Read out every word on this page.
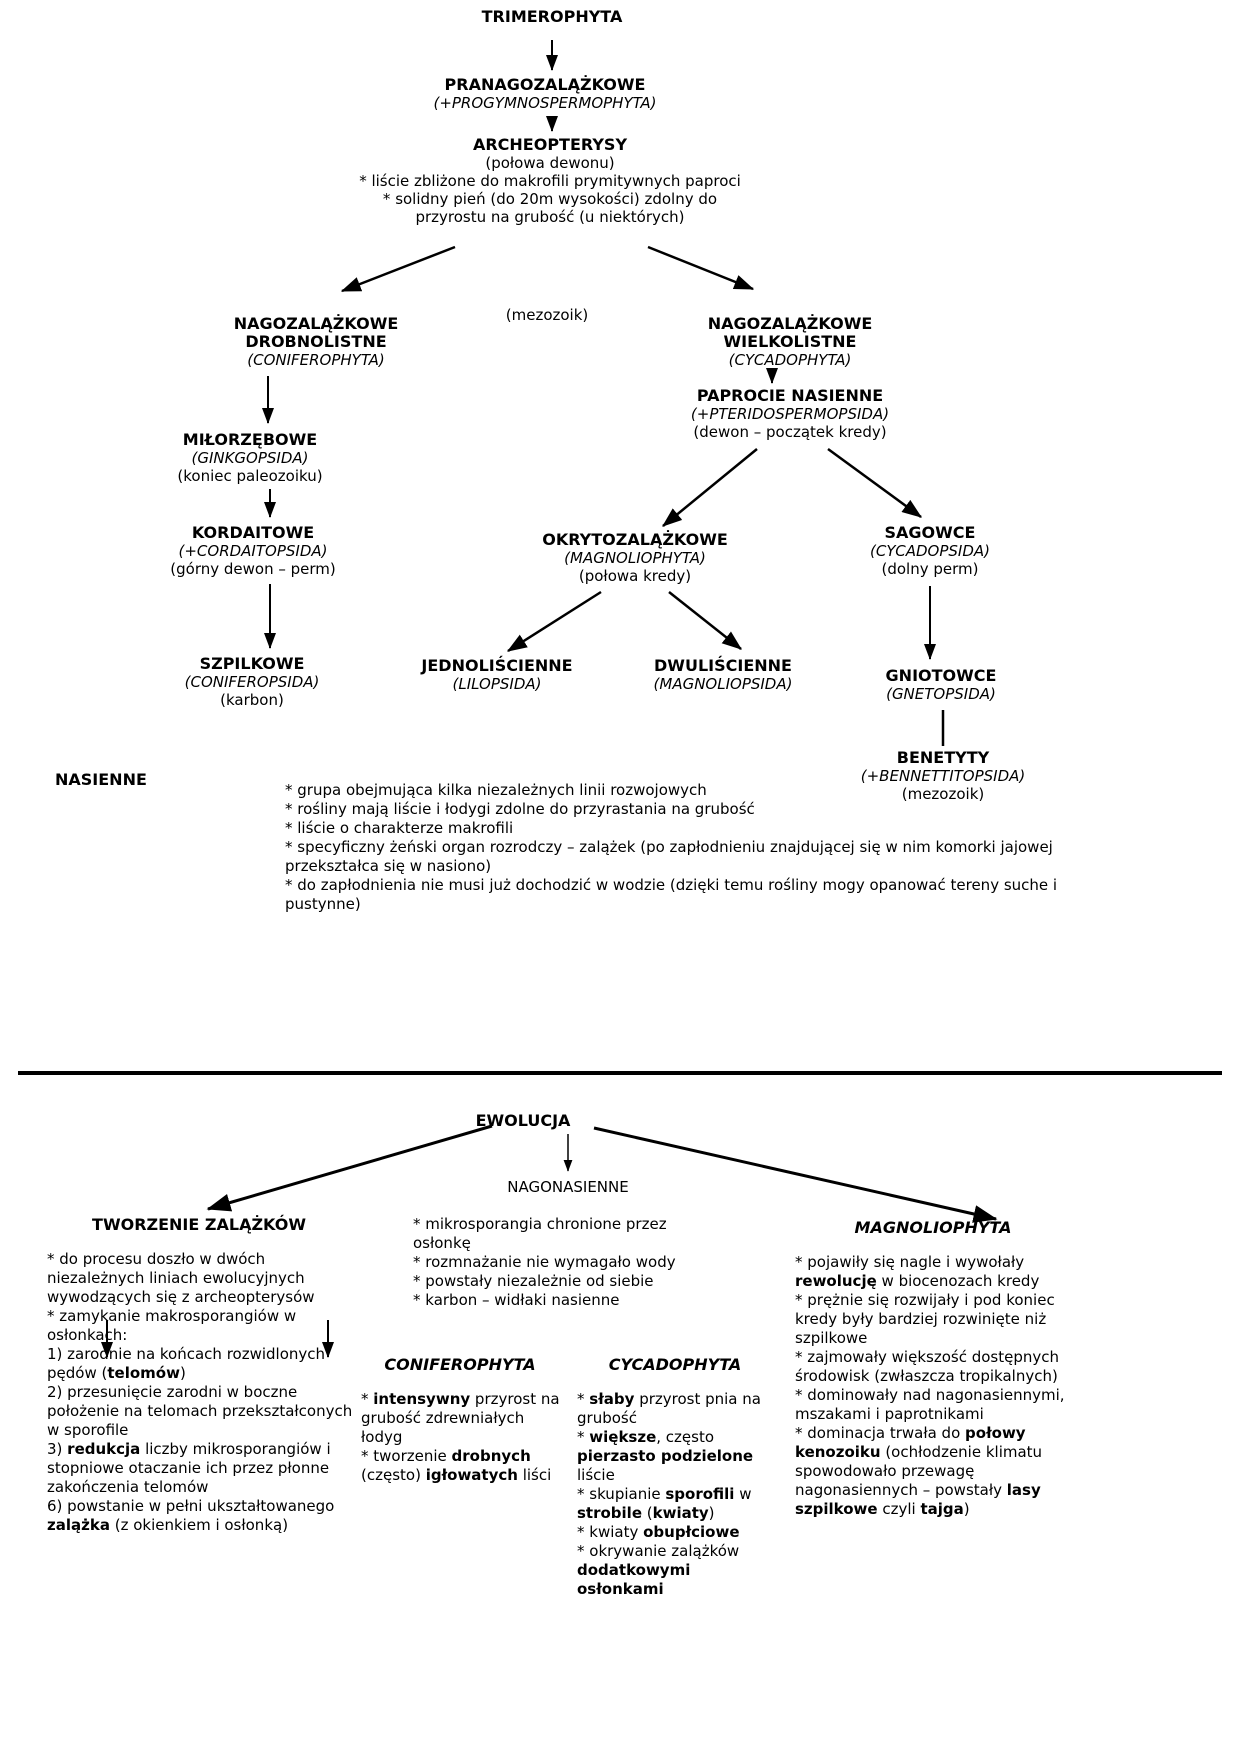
TRIMEROPHYTA
PRANAGOZALĄŻKOWE
(+PROGYMNOSPERMOPHYTA)
ARCHEOPTERYSY
(połowa dewonu)
* liście zbliżone do makrofili prymitywnych paproci
* solidny pień (do 20m wysokości) zdolny do przyrostu na grubość (u niektórych)
(mezozoik)
NAGOZALĄŻKOWE
DROBNOLISTNE
(CONIFEROPHYTA)
NAGOZALĄŻKOWE
WIELKOLISTNE
(CYCADOPHYTA)
PAPROCIE NASIENNE
(+PTERIDOSPERMOPSIDA)
(dewon – początek kredy)
MIŁORZĘBOWE
(GINKGOPSIDA)
(koniec paleozoiku)
KORDAITOWE
(+CORDAITOPSIDA)
(górny dewon – perm)
OKRYTOZALĄŻKOWE
(MAGNOLIOPHYTA)
(połowa kredy)
SAGOWCE
(CYCADOPSIDA)
(dolny perm)
SZPILKOWE
(CONIFEROPSIDA)
(karbon)
JEDNOLIŚCIENNE
(LILOPSIDA)
DWULIŚCIENNE
(MAGNOLIOPSIDA)	GNIOTOWCE
(GNETOPSIDA)
BENETYTY
(+BENNETTITOPSIDA)
(mezozoik)
NASIENNE

* grupa obejmująca kilka niezależnych linii rozwojowych

* rośliny mają liście i łodygi zdolne do przyrastania na grubość

* liście o charakterze makrofili

* specyficzny żeński organ rozrodczy – zalążek (po zapłodnieniu znajdującej się w nim komorki jajowej przekształca się w nasiono)

* do zapłodnienia nie musi już dochodzić w wodzie (dzięki temu rośliny mogy opanować tereny suche i pustynne)

EWOLUCJA
NAGONASIENNE
TWORZENIE ZALĄŻKÓW

* do procesu doszło w dwóch niezależnych liniach ewolucyjnych wywodzących się z archeopterysów

* zamykanie makrosporangiów w osłonkach:

1) zarodnie na końcach rozwidlonych pędów (telomów)

2) przesunięcie zarodni w boczne położenie na telomach przekształconych w sporofile

3) redukcja liczby mikrosporangiów i stopniowe otaczanie ich przez płonne zakończenia telomów

6) powstanie w pełni ukształtowanego zalążka (z okienkiem i osłonką)

* mikrosporangia chronione przez osłonkę

* rozmnażanie nie wymagało wody

* powstały niezależnie od siebie

* karbon – widłaki nasienne

CONIFEROPHYTA

* intensywny przyrost na grubość zdrewniałych łodyg

* tworzenie drobnych (często) igłowatych liści

CYCADOPHYTA

* słaby przyrost pnia na grubość

* większe, często pierzasto podzielone liście

* skupianie sporofili w strobile (kwiaty)

* kwiaty obupłciowe

* okrywanie zalążków dodatkowymi osłonkami

MAGNOLIOPHYTA

* pojawiły się nagle i wywołały rewolucję w biocenozach kredy

* prężnie się rozwijały i pod koniec kredy były bardziej rozwinięte niż szpilkowe

* zajmowały większość dostępnych środowisk (zwłaszcza tropikalnych)

* dominowały nad nagonasiennymi, mszakami i paprotnikami

* dominacja trwała do połowy kenozoiku (ochłodzenie klimatu spowodowało przewagę nagonasiennych – powstały lasy szpilkowe czyli tajga)
